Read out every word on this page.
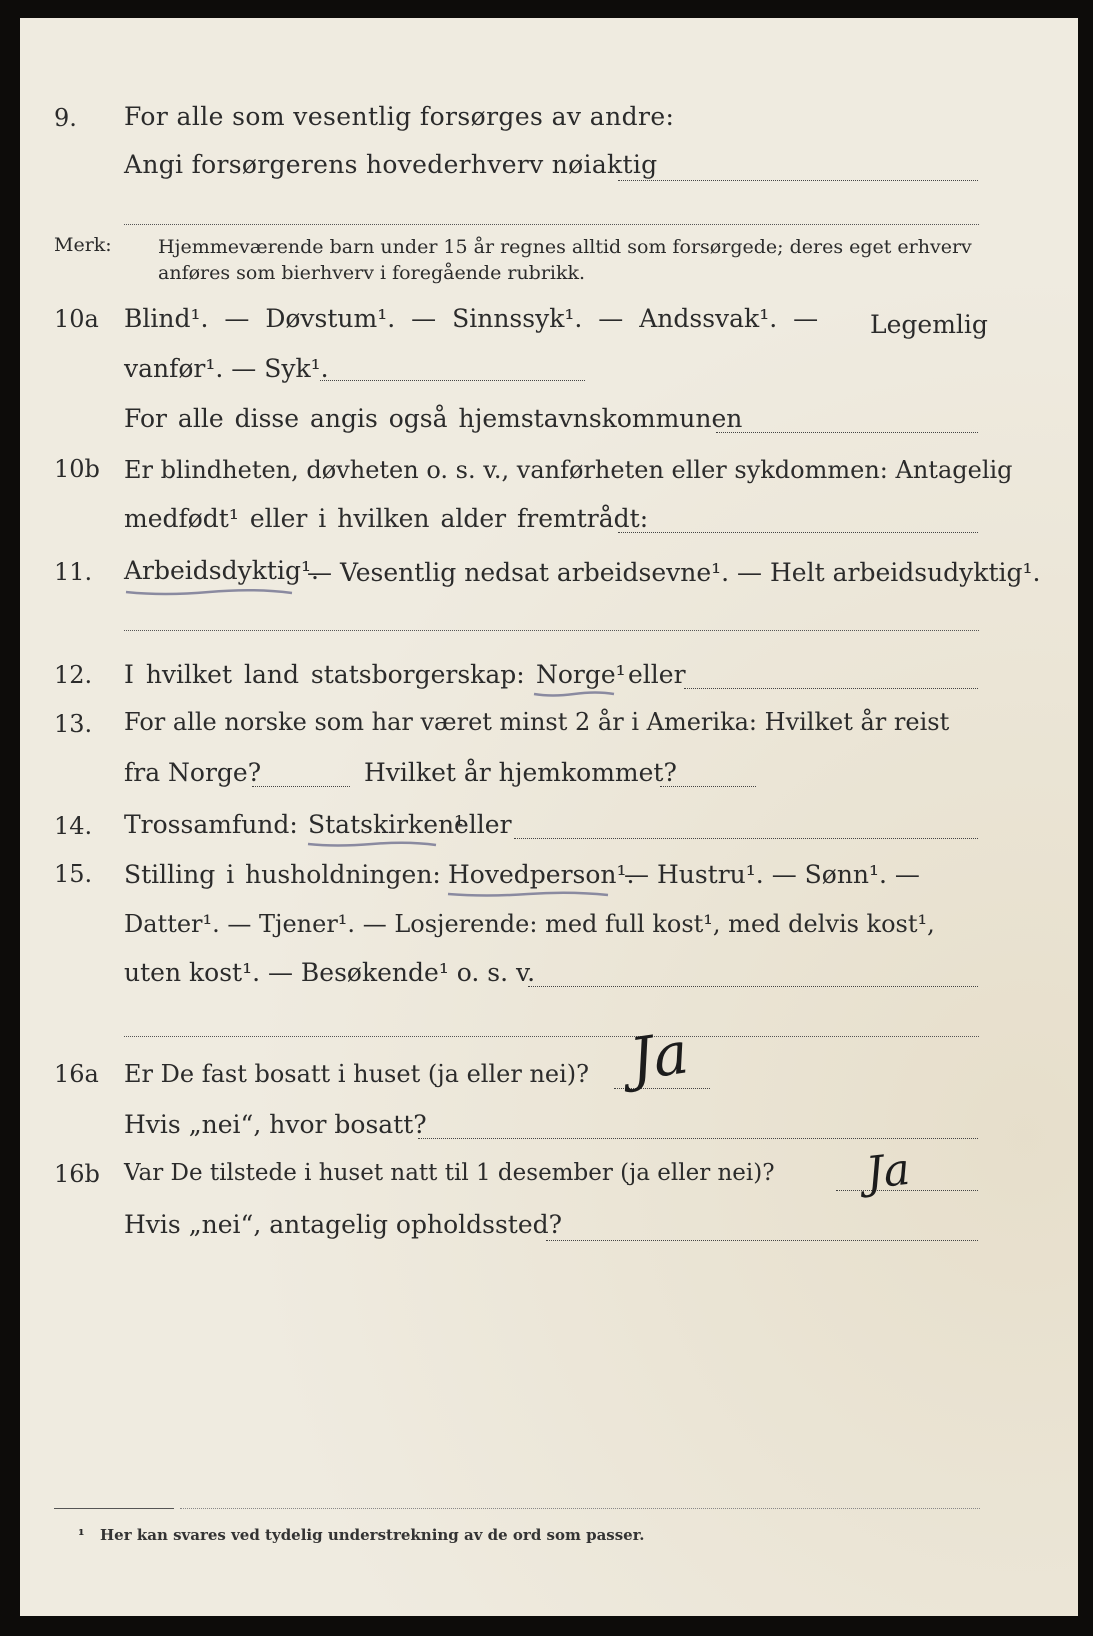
9. For alle som vesentlig forsørges av andre:
Angi forsørgerens hovederhverv nøiaktig
Merk: Hjemmeværende barn under 15 år regnes alltid som forsørgede; deres eget erhverv
anføres som bierhverv i foregående rubrikk.
10a Blind¹. — Døvstum¹. — Sinnssyk¹. — Andssvak¹. — Legemlig
vanfør¹. — Syk¹.
For alle disse angis også hjemstavnskommunen
10b Er blindheten, døvheten o. s. v., vanførheten eller sykdommen: Antagelig
medfødt¹ eller i hvilken alder fremtrådt:
11. Arbeidsdyktig¹.
— Vesentlig nedsat arbeidsevne¹. — Helt arbeidsudyktig¹.
12. I hvilket land statsborgerskap: Norge¹ eller
13. For alle norske som har været minst 2 år i Amerika: Hvilket år reist
fra Norge?	Hvilket år hjemkommet?
14. Trossamfund: Statskirken¹
eller
15. Stilling i husholdningen: Hovedperson¹.
— Hustru¹. — Sønn¹. —
Datter¹. — Tjener¹. — Losjerende: med full kost¹, med delvis kost¹,
uten kost¹. — Besøkende¹ o. s. v.
16a Er De fast bosatt i huset (ja eller nei)? Ja
Hvis „nei“, hvor bosatt?
16b Var De tilstede i huset natt til 1 desember (ja eller nei)? Ja
Hvis „nei“, antagelig opholdssted?
¹ Her kan svares ved tydelig understrekning av de ord som passer.
